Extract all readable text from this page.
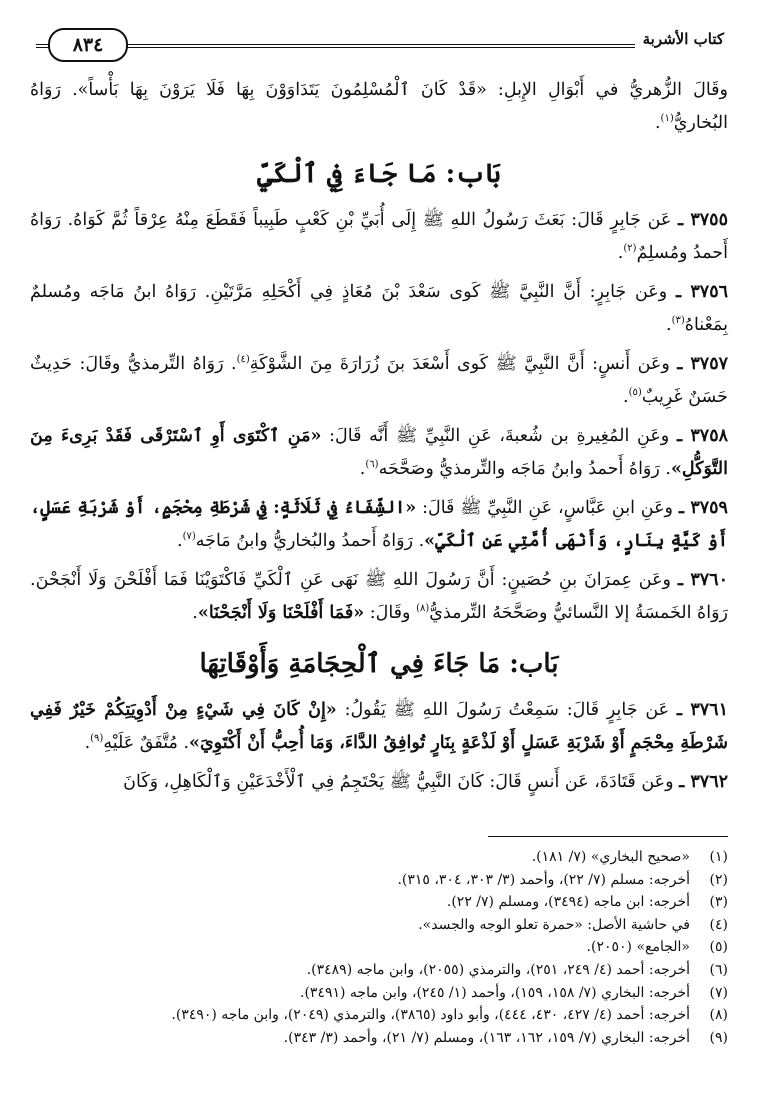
كتاب الأشربة
٨٣٤

وقَالَ الزُّهريُّ في أَبْوَالِ الإِبلِ: «قَدْ كَانَ ٱلْمُسْلِمُونَ يَتَدَاوَوْنَ بِهَا فَلَا يَرَوْنَ بِهَا بَأْساً». رَوَاهُ البُخاريُّ$^{(١)}$.

بَاب: مَا جَاءَ فِي ٱلْكَيِّ

٣٧٥٥ ـ عَن جَابِرٍ قَالَ: بَعَثَ رَسُولُ اللهِ ﷺ إِلَى أُبَيِّ بْنِ كَعْبٍ طَبِيباً فَقَطَعَ مِنْهُ عِرْقاً ثُمَّ كَوَاهُ. رَوَاهُ أَحمدُ ومُسلِمٌ$^{(٢)}$.

٣٧٥٦ ـ وعَن جَابِرٍ: أَنَّ النَّبِيَّ ﷺ كَوى سَعْدَ بْنَ مُعَاذٍ فِي أَكْحَلِهِ مَرَّتَيْنِ. رَوَاهُ ابنُ مَاجَه ومُسلمٌ بِمَعْناهُ$^{(٣)}$.

٣٧٥٧ ـ وعَن أَنسٍ: أَنَّ النَّبِيَّ ﷺ كَوى أَسْعَدَ بنَ زُرَارَةَ مِنَ الشَّوْكَةِ$^{(٤)}$. رَوَاهُ التِّرمذيُّ وقَالَ: حَدِيثٌ حَسَنٌ غَرِيبٌ$^{(٥)}$.

٣٧٥٨ ـ وعَنِ المُغِيرةِ بن شُعبةَ، عَنِ النَّبِيِّ ﷺ أَنَّه قَالَ: «مَنِ ٱكْتَوَى أَوِ ٱسْتَرْقَى فَقَدْ بَرِىءَ مِنَ التَّوَكُّلِ». رَوَاهُ أَحمدُ وابنُ مَاجَه والتِّرمذيُّ وصَحَّحَه$^{(٦)}$.

٣٧٥٩ ـ وعَنِ ابنِ عَبَّاسٍ، عَنِ النَّبِيِّ ﷺ قَالَ: «الشِّفَاءُ فِي ثَلَاثَةٍ: فِي شَرْطَةِ مِحْجَمٍ، أَوْ شَرْبَةِ عَسَلٍ، أَوْ كَيَّةٍ بِنَارٍ، وَأَنْهَى أُمَّتِي عَنِ ٱلْكَيِّ». رَوَاهُ أَحمدُ والبُخاريُّ وابنُ مَاجَه$^{(٧)}$.

٣٧٦٠ ـ وعَن عِمرَانَ بنِ حُصَينٍ: أَنَّ رَسُولَ اللهِ ﷺ نَهَى عَنِ ٱلْكَيِّ فَاكْتَوَيْنَا فَمَا أَفْلَحْنَ وَلَا أَنْجَحْنَ. رَوَاهُ الخَمسَةُ إلا النَّسائيُّ وصَحَّحَهُ التِّرمذيُّ$^{(٨)}$ وقَالَ: «فَمَا أَفْلَحْنَا وَلَا أَنْجَحْنَا».

بَاب: مَا جَاءَ فِي ٱلْحِجَامَةِ وَأَوْقَاتِهَا

٣٧٦١ ـ عَن جَابِرٍ قَالَ: سَمِعْتُ رَسُولَ اللهِ ﷺ يَقُولُ: «إِنْ كَانَ فِي شَيْءٍ مِنْ أَدْوِيَتِكُمْ خَيْرٌ فَفِي شَرْطَةِ مِحْجَمٍ أَوْ شَرْبَةِ عَسَلٍ أَوْ لَذْعَةٍ بِنَارٍ تُوافِقُ الدَّاءَ، وَمَا أُحِبُّ أَنْ أَكْتَوِيَ». مُتَّفَقٌ عَلَيْهِ$^{(٩)}$.

٣٧٦٢ ـ وعَن قَتَادَةَ، عَن أَنسٍ قَالَ: كَانَ النَّبِيُّ ﷺ يَحْتَجِمُ فِي ٱلْأَخْدَعَيْنِ وَٱلْكَاهِلِ، وَكَانَ

(١)
«صحيح البخاري» (٧/ ١٨١).
(٢)
أخرجه: مسلم (٧/ ٢٢)، وأحمد (٣/ ٣٠٣، ٣٠٤، ٣١٥).
(٣)
أخرجه: ابن ماجه (٣٤٩٤)، ومسلم (٧/ ٢٢).
(٤)
في حاشية الأصل: «حمرة تعلو الوجه والجسد».
(٥)
«الجامع» (٢٠٥٠).
(٦)
أخرجه: أحمد (٤/ ٢٤٩، ٢٥١)، والترمذي (٢٠٥٥)، وابن ماجه (٣٤٨٩).
(٧)
أخرجه: البخاري (٧/ ١٥٨، ١٥٩)، وأحمد (١/ ٢٤٥)، وابن ماجه (٣٤٩١).
(٨)
أخرجه: أحمد (٤/ ٤٢٧، ٤٣٠، ٤٤٤)، وأبو داود (٣٨٦٥)، والترمذي (٢٠٤٩)، وابن ماجه (٣٤٩٠).
(٩)
أخرجه: البخاري (٧/ ١٥٩، ١٦٢، ١٦٣)، ومسلم (٧/ ٢١)، وأحمد (٣/ ٣٤٣).
